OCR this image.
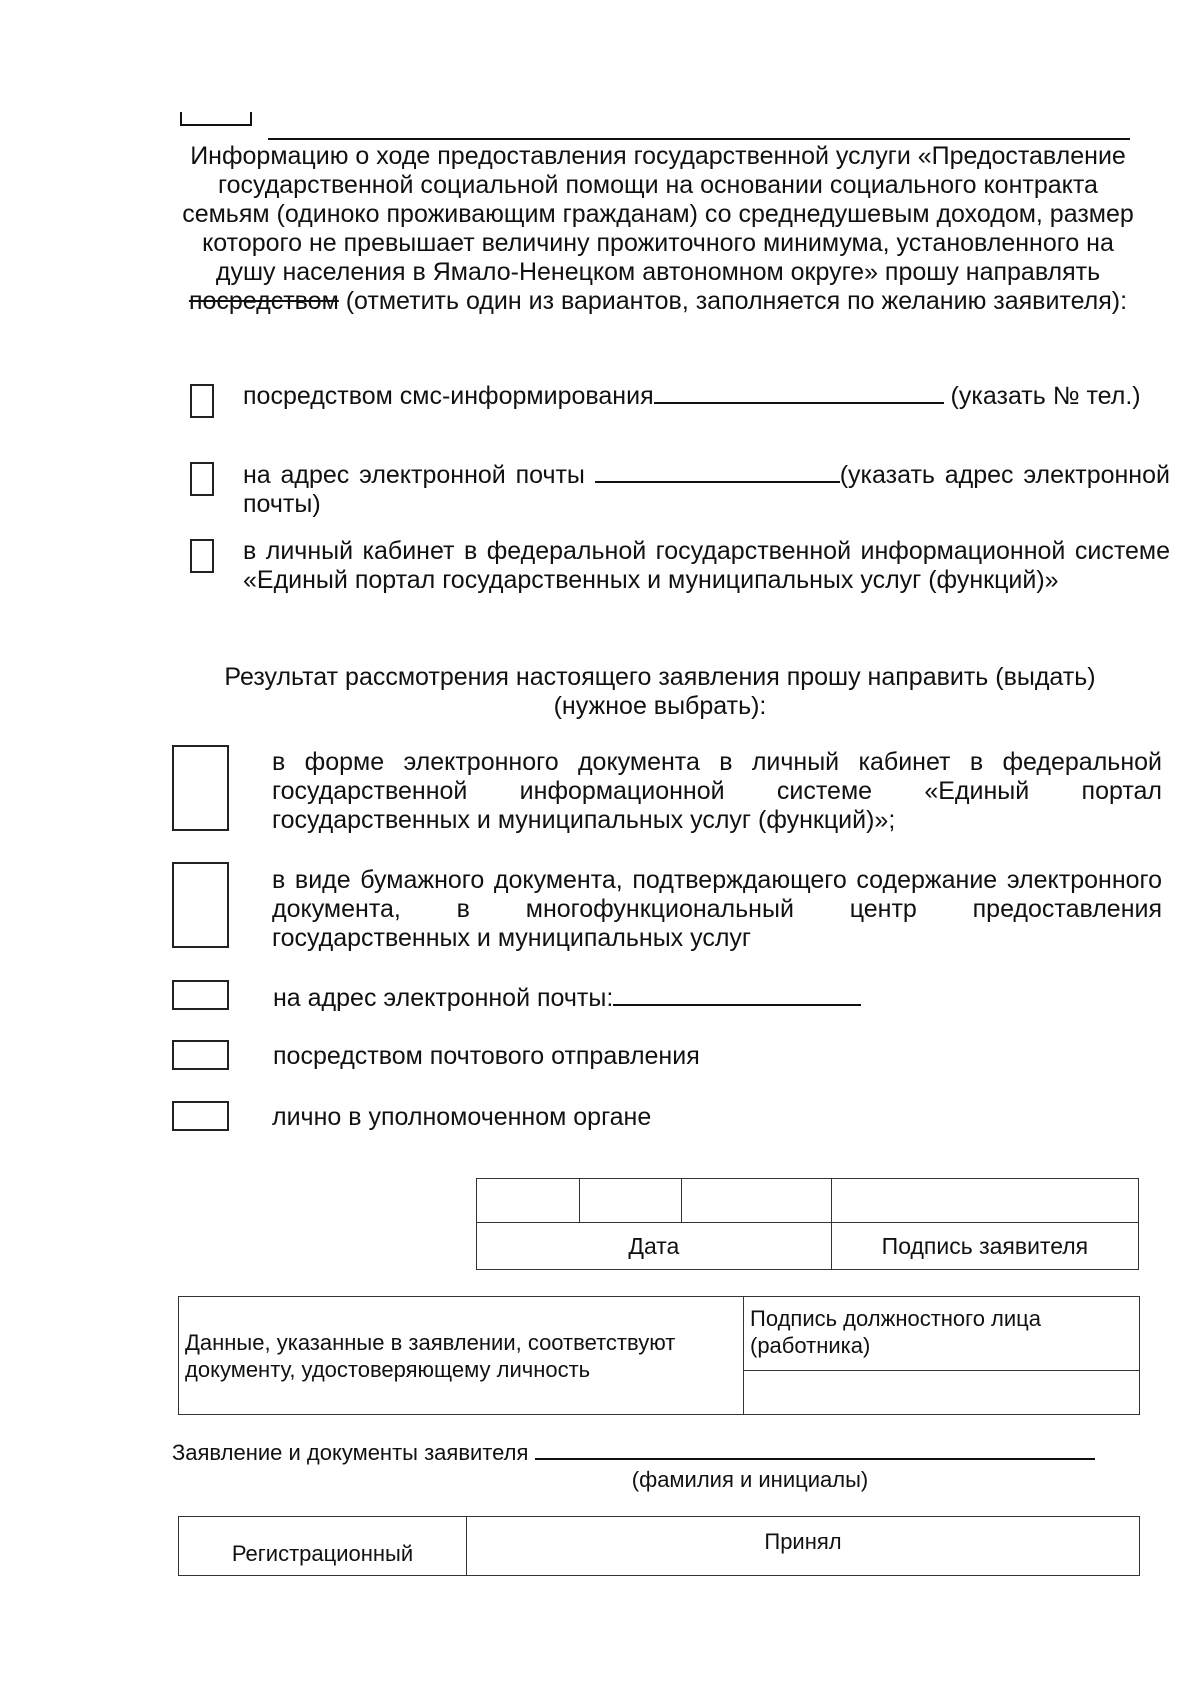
Информацию о ходе предоставления государственной услуги «Предоставление государственной социальной помощи на основании социального контракта семьям (одиноко проживающим гражданам) со среднедушевым доходом, размер которого не превышает величину прожиточного минимума, установленного на душу населения в Ямало-Ненецком автономном округе» прошу направлять посредством (отметить один из вариантов, заполняется по желанию заявителя):
посредством смс-информирования	(указать № тел.)
на адрес электронной почты	(указать адрес электронной почты)
в личный кабинет в федеральной государственной информационной системе «Единый портал государственных и муниципальных услуг (функций)»
Результат рассмотрения настоящего заявления прошу направить (выдать) (нужное выбрать):
в форме электронного документа в личный кабинет в федеральной государственной информационной системе «Единый портал государственных и муниципальных услуг (функций)»;
в виде бумажного документа, подтверждающего содержание электронного документа, в многофункциональный центр предоставления государственных и муниципальных услуг
на адрес электронной почты:
посредством почтового отправления
лично в уполномоченном органе

Дата			Подпись заявителя
Данные, указанные в заявлении, соответствуют документу, удостоверяющему личность	Подпись должностного лица (работника)

Заявление и документы заявителя
(фамилия и инициалы)
Регистрационный	Принял
